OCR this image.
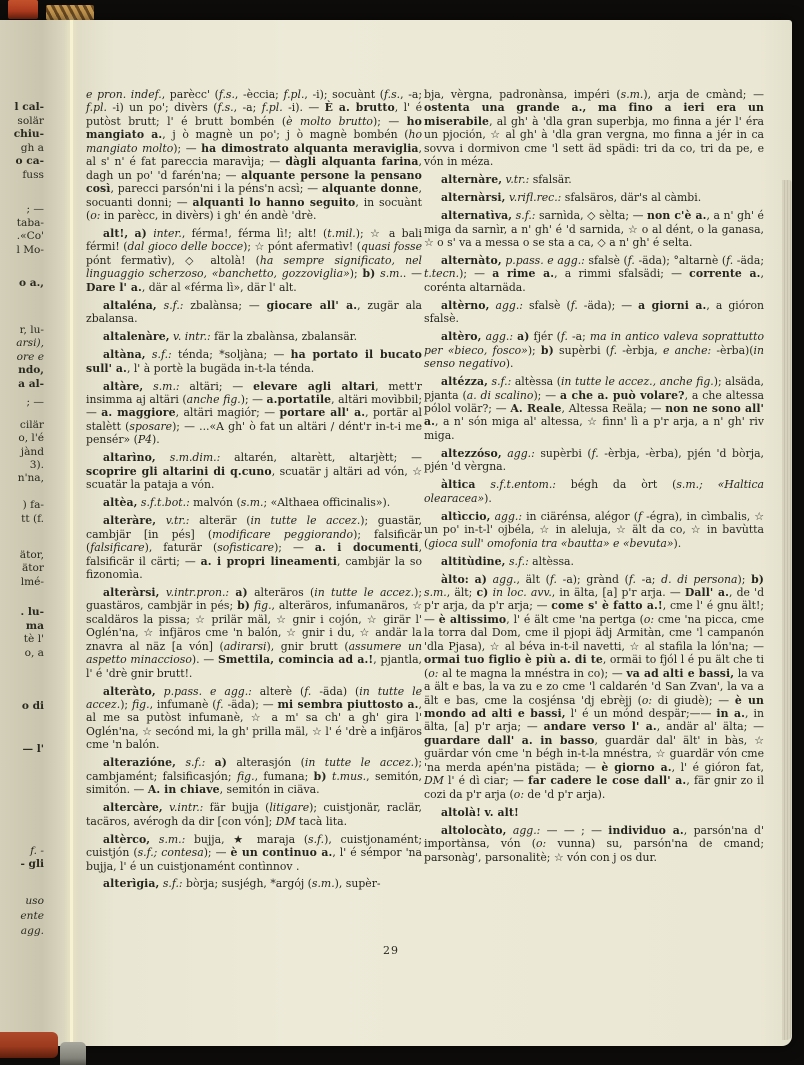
l cal-
solär
chiu-
gh a
o ca-
fuss
; —
taba-
.«Co'
l Mo-
o a.,
r, lu-
arsi),
ore e
ndo,
a al-
; —
cilär
o, l'é
jànd
3).
n'na,
) fa-
tt (f.
ätor,
ätor
lmé-
. lu-
ma
tè l'
o, a
o di
— l'
f. -
- gli
uso
ente
agg.

e pron. indef., parècc' (f.s., -èccia; f.pl., -i); socuànt (f.s., -a; f.pl. -i) un po'; divèrs (f.s., -a; f.pl. -i). — È a. brutto, l' é putòst brutt; l' é brutt bombén (è molto brutto); — ho mangiato a., j ò magnè un po'; j ò magnè bombén (ho mangiato molto); — ha dimostrato alquanta meraviglia, al s' n' é fat pareccia maravìja; — dàgli alquanta farina, dagh un po' 'd farén'na; — alquante persone la pensano così, parecci parsón'ni i la péns'n acsì; — alquante donne, socuanti donni; — alquanti lo hanno seguito, in socuànt (o: in parècc, in divèrs) i gh' én andè 'drè.

alt!, a) inter., férma!, férma lì!; alt! (t.mil.); ☆ a bali férmi! (dal gioco delle bocce); ☆ pónt afermatìv! (quasi fosse pónt fermatìv), ◇ altolà! (ha sempre significato, nel linguaggio scherzoso, «banchetto, gozzoviglia»); b) s.m.. — Dare l' a., där al «férma lì», där l' alt.

altaléna, s.f.: zbalànsa; — giocare all' a., zugär ala zbalansa.

altalenàre, v. intr.: fär la zbalànsa, zbalansär.

altàna, s.f.: ténda; *soljàna; — ha portato il bucato sull' a., l' à portè la bugäda in-t-la ténda.

altàre, s.m.: altäri; — elevare agli altari, mett'r insimma aj altäri (anche fig.); — a.portatile, altäri movìbbil; — a. maggiore, altäri magiór; — portare all' a., portär al stalètt (sposare); — ...«A gh' ò fat un altäri / dént'r in-t-i me pensér» (P4).

altarìno, s.m.dim.: altarén, altarètt, altarjètt; — scoprire gli altarini di q.cuno, scuatär j altäri ad vón, ☆ scuatär la pataja a vón.

altèa, s.f.t.bot.: malvón (s.m.; «Althaea officinalis»).

alteràre, v.tr.: alterär (in tutte le accez.); guastär, cambjär [in pés] (modificare peggiorando); falsificär (falsificare), faturär (sofisticare); — a. i documenti, falsificär il cärti; — a. i propri lineamenti, cambjär la so fizonomìa.

alteràrsi, v.intr.pron.: a) alteräros (in tutte le accez.); guastäros, cambjär in pés; b) fig., alteräros, infumanäros, ☆ scaldäros la pissa; ☆ prilär mäl, ☆ gnir i cojón, ☆ girär l' Oglén'na, ☆ infjäros cme 'n balón, ☆ gnir i du, ☆ andär la znavra al näz [a vón] (adirarsi), gnir brutt (assumere un aspetto minaccioso). — Smettila, comincia ad a.!, pjantla, l' é 'drè gnir brutt!.

alteràto, p.pass. e agg.: alterè (f. -äda) (in tutte le accez.); fig., infumanè (f. -äda); — mi sembra piuttosto a., al me sa putòst infumanè, ☆ a m' sa ch' a gh' gira l' Oglén'na, ☆ secónd mi, la gh' prilla mäl, ☆ l' é 'drè a infjäros cme 'n balón.

alterazióne, s.f.: a) alterasjón (in tutte le accez.); cambjamént; falsificasjón; fig., fumana; b) t.mus., semitón, simitón. — A. in chiave, semitón in ciäva.

altercàre, v.intr.: fär bujja (litigare); cuistjonär, raclär, tacäros, avérogh da dir [con vón]; DM tacà lita.

altèrco, s.m.: bujja, ★ maraja (s.f.), cuistjonamént; cuistjón (s.f.; contesa); — è un continuo a., l' é sémpor 'na bujja, l' é un cuistjonamént contìnnov .

alterìgia, s.f.: bòrja; susjégh, *argój (s.m.), supèr-

bja, vèrgna, padronànsa, impéri (s.m.), arja de cmànd; — ostenta una grande a., ma fino a ieri era un miserabile, al gh' à 'dla gran superbja, mo finna a jér l' éra un pjoción, ☆ al gh' à 'dla gran vergna, mo finna a jér in ca sovva i dormivon cme 'l sett äd spädi: tri da co, tri da pe, e vón in méza.

alternàre, v.tr.: sfalsär.

alternàrsi, v.rifl.rec.: sfalsäros, där's al càmbi.

alternatìva, s.f.: sarnìda, ◇ sèlta; — non c'è a., a n' gh' é miga da sarnìr, a n' gh' é 'd sarnida, ☆ o al dént, o la ganasa, ☆ o s' va a messa o se sta a ca, ◇ a n' gh' é selta.

alternàto, p.pass. e agg.: sfalsè (f. -äda); °altarnè (f. -äda; t.tecn.); — a rime a., a rimmi sfalsädi; — corrente a., corénta altarnäda.

altèrno, agg.: sfalsè (f. -äda); — a giorni a., a gióron sfalsè.

altèro, agg.: a) fjér (f. -a; ma in antico valeva soprattutto per «bieco, fosco»); b) supèrbi (f. -èrbja, e anche: -èrba)(in senso negativo).

altézza, s.f.: altèssa (in tutte le accez., anche fig.); alsäda, pjanta (a. di scalino); — a che a. può volare?, a che altessa pólol volär?; — A. Reale, Altessa Reäla; — non ne sono all' a., a n' són miga al' altessa, ☆ finn' lì a p'r arja, a n' gh' riv miga.

altezzóso, agg.: supèrbi (f. -èrbja, -èrba), pjén 'd bòrja, pjén 'd vèrgna.

àltica s.f.t.entom.: bégh da òrt (s.m.; «Haltica olearacea»).

altìccio, agg.: in ciärénsa, alégor (f -égra), in cìmbalis, ☆ un po' in-t-l' ojbéla, ☆ in aleluja, ☆ ält da co, ☆ in bavùtta (gioca sull' omofonia tra «bautta» e «bevuta»).

altitùdine, s.f.: altèssa.

àlto: a) agg., ält (f. -a); grànd (f. -a; d. di persona); b) s.m., ält; c) in loc. avv., in älta, [a] p'r arja. — Dall' a., de 'd p'r arja, da p'r arja; — come s' è fatto a.!, cme l' é gnu ält!; — è altissimo, l' é ält cme 'na pertga (o: cme 'na picca, cme la torra dal Dom, cme il pjopi ädj Armitàn, cme 'l campanón 'dla Pjasa), ☆ al béva in-t-il navetti, ☆ al stafila la lón'na; — ormai tuo figlio è più a. di te, ormäi to fjól l é pu ält che ti (o: al te magna la mnéstra in co); — va ad alti e bassi, la va a ält e bas, la va zu e zo cme 'l caldarén 'd San Zvan', la va a ält e bas, cme la cosjénsa 'dj ebrèjj (o: di giudè); — è un mondo ad alti e bassi, l' é un mónd despär;—— in a., in älta, [a] p'r arja; — andare verso l' a., andär al' älta; — guardare dall' a. in basso, guardär dal' ält' in bàs, ☆ guärdar vón cme 'n bégh in-t-la mnéstra, ☆ guardär vón cme 'na merda apén'na pistäda; — è giorno a., l' é gióron fat, DM l' é dì ciar; — far cadere le cose dall' a., fär gnir zo il cozi da p'r arja (o: de 'd p'r arja).

altolà! v. alt!

altolocàto, agg.: — — ; — individuo a., parsón'na d' importànsa, vón (o: vunna) su, parsón'na de cmand; parsonàg', parsonalitè; ☆ vón con j os dur.

29
